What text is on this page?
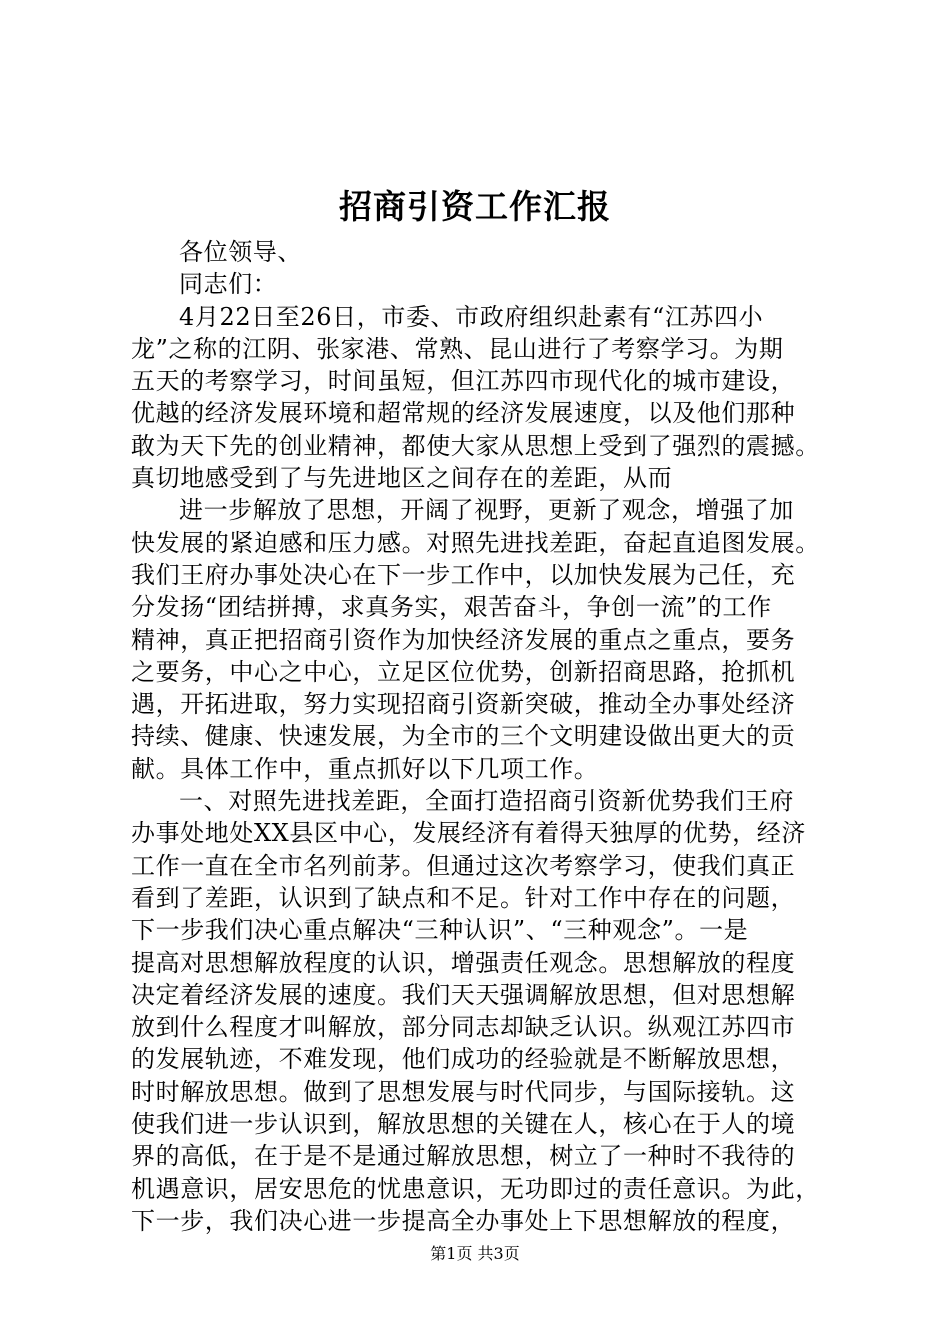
招商引资工作汇报
各位领导、
同志们：
4月22日至26日，市委、市政府组织赴素有“江苏四小
龙”之称的江阴、张家港、常熟、昆山进行了考察学习。为期
五天的考察学习，时间虽短，但江苏四市现代化的城市建设，
优越的经济发展环境和超常规的经济发展速度，以及他们那种
敢为天下先的创业精神，都使大家从思想上受到了强烈的震撼。
真切地感受到了与先进地区之间存在的差距，从而
进一步解放了思想，开阔了视野，更新了观念，增强了加
快发展的紧迫感和压力感。对照先进找差距，奋起直追图发展。
我们王府办事处决心在下一步工作中，以加快发展为己任，充
分发扬“团结拼搏，求真务实，艰苦奋斗，争创一流”的工作
精神，真正把招商引资作为加快经济发展的重点之重点，要务
之要务，中心之中心，立足区位优势，创新招商思路，抢抓机
遇，开拓进取，努力实现招商引资新突破，推动全办事处经济
持续、健康、快速发展，为全市的三个文明建设做出更大的贡
献。具体工作中，重点抓好以下几项工作。
一、对照先进找差距，全面打造招商引资新优势我们王府
办事处地处XX县区中心，发展经济有着得天独厚的优势，经济
工作一直在全市名列前茅。但通过这次考察学习，使我们真正
看到了差距，认识到了缺点和不足。针对工作中存在的问题，
下一步我们决心重点解决“三种认识”、“三种观念”。一是
提高对思想解放程度的认识，增强责任观念。思想解放的程度
决定着经济发展的速度。我们天天强调解放思想，但对思想解
放到什么程度才叫解放，部分同志却缺乏认识。纵观江苏四市
的发展轨迹，不难发现，他们成功的经验就是不断解放思想，
时时解放思想。做到了思想发展与时代同步，与国际接轨。这
使我们进一步认识到，解放思想的关键在人，核心在于人的境
界的高低，在于是不是通过解放思想，树立了一种时不我待的
机遇意识，居安思危的忧患意识，无功即过的责任意识。为此，
下一步，我们决心进一步提高全办事处上下思想解放的程度，
第1页 共3页
